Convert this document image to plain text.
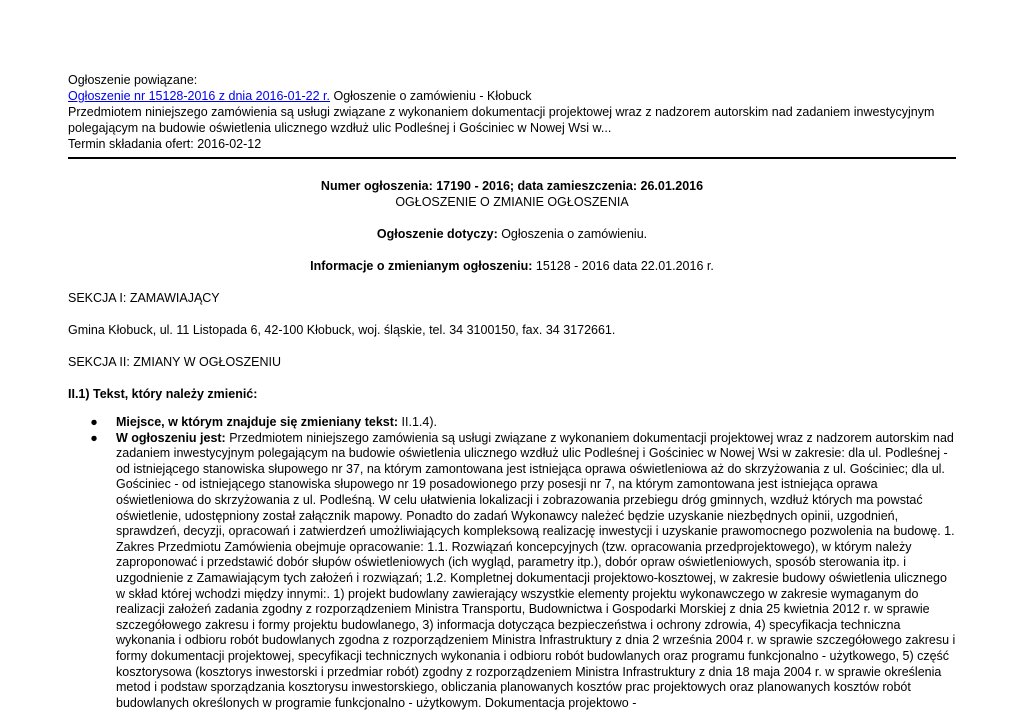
Ogłoszenie powiązane:
Ogłoszenie nr 15128-2016 z dnia 2016-01-22 r. Ogłoszenie o zamówieniu - Kłobuck
Przedmiotem niniejszego zamówienia są usługi związane z wykonaniem dokumentacji projektowej wraz z nadzorem autorskim nad zadaniem inwestycyjnym polegającym na budowie oświetlenia ulicznego wzdłuż ulic Podleśnej i Gościniec w Nowej Wsi w...
Termin składania ofert: 2016-02-12
Numer ogłoszenia: 17190 - 2016; data zamieszczenia: 26.01.2016
OGŁOSZENIE O ZMIANIE OGŁOSZENIA
Ogłoszenie dotyczy: Ogłoszenia o zamówieniu.
Informacje o zmienianym ogłoszeniu: 15128 - 2016 data 22.01.2016 r.
SEKCJA I: ZAMAWIAJĄCY
Gmina Kłobuck, ul. 11 Listopada 6, 42-100 Kłobuck, woj. śląskie, tel. 34 3100150, fax. 34 3172661.
SEKCJA II: ZMIANY W OGŁOSZENIU
II.1) Tekst, który należy zmienić:
● Miejsce, w którym znajduje się zmieniany tekst: II.1.4).
● W ogłoszeniu jest: Przedmiotem niniejszego zamówienia są usługi związane z wykonaniem dokumentacji projektowej wraz z nadzorem autorskim nad zadaniem inwestycyjnym polegającym na budowie oświetlenia ulicznego wzdłuż ulic Podleśnej i Gościniec w Nowej Wsi w zakresie: dla ul. Podleśnej - od istniejącego stanowiska słupowego nr 37, na którym zamontowana jest istniejąca oprawa oświetleniowa aż do skrzyżowania z ul. Gościniec; dla ul. Gościniec - od istniejącego stanowiska słupowego nr 19 posadowionego przy posesji nr 7, na którym zamontowana jest istniejąca oprawa oświetleniowa do skrzyżowania z ul. Podleśną. W celu ułatwienia lokalizacji i zobrazowania przebiegu dróg gminnych, wzdłuż których ma powstać oświetlenie, udostępniony został załącznik mapowy. Ponadto do zadań Wykonawcy należeć będzie uzyskanie niezbędnych opinii, uzgodnień, sprawdzeń, decyzji, opracowań i zatwierdzeń umożliwiających kompleksową realizację inwestycji i uzyskanie prawomocnego pozwolenia na budowę. 1. Zakres Przedmiotu Zamówienia obejmuje opracowanie: 1.1. Rozwiązań koncepcyjnych (tzw. opracowania przedprojektowego), w którym należy zaproponować i przedstawić dobór słupów oświetleniowych (ich wygląd, parametry itp.), dobór opraw oświetleniowych, sposób sterowania itp. i uzgodnienie z Zamawiającym tych założeń i rozwiązań; 1.2. Kompletnej dokumentacji projektowo-kosztowej, w zakresie budowy oświetlenia ulicznego w skład której wchodzi między innymi:. 1) projekt budowlany zawierający wszystkie elementy projektu wykonawczego w zakresie wymaganym do realizacji założeń zadania zgodny z rozporządzeniem Ministra Transportu, Budownictwa i Gospodarki Morskiej z dnia 25 kwietnia 2012 r. w sprawie szczegółowego zakresu i formy projektu budowlanego, 3) informacja dotycząca bezpieczeństwa i ochrony zdrowia, 4) specyfikacja techniczna wykonania i odbioru robót budowlanych zgodna z rozporządzeniem Ministra Infrastruktury z dnia 2 września 2004 r. w sprawie szczegółowego zakresu i formy dokumentacji projektowej, specyfikacji technicznych wykonania i odbioru robót budowlanych oraz programu funkcjonalno - użytkowego, 5) część kosztorysowa (kosztorys inwestorski i przedmiar robót) zgodny z rozporządzeniem Ministra Infrastruktury z dnia 18 maja 2004 r. w sprawie określenia metod i podstaw sporządzania kosztorysu inwestorskiego, obliczania planowanych kosztów prac projektowych oraz planowanych kosztów robót budowlanych określonych w programie funkcjonalno - użytkowym. Dokumentacja projektowo -
